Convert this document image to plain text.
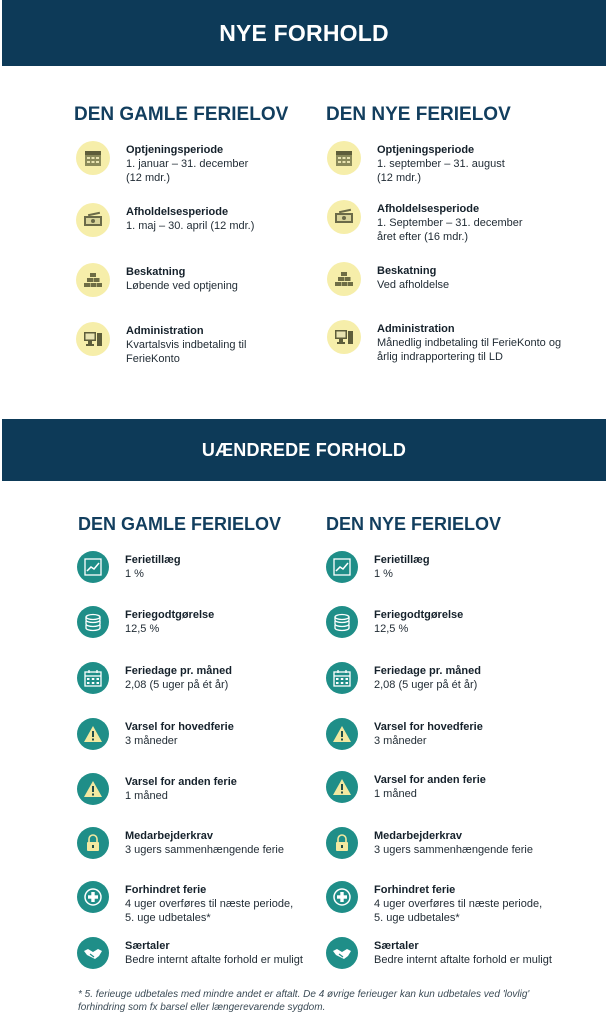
NYE FORHOLD
DEN GAMLE FERIELOV DEN NYE FERIELOV
Optjeningsperiode
1. januar – 31. december
(12 mdr.)
Afholdelsesperiode
1. maj – 30. april (12 mdr.)
Beskatning
Løbende ved optjening
Administration
Kvartalsvis indbetaling til
FerieKonto
Optjeningsperiode
1. september – 31. august
(12 mdr.)
Afholdelsesperiode
1. September – 31. december
året efter (16 mdr.)
Beskatning
Ved afholdelse
Administration
Månedlig indbetaling til FerieKonto og
årlig indrapportering til LD
UÆNDREDE FORHOLD
DEN GAMLE FERIELOV DEN NYE FERIELOV
Ferietillæg
1 %
Feriegodtgørelse
12,5 %
Feriedage pr. måned
2,08 (5 uger på ét år)
Varsel for hovedferie
3 måneder
Varsel for anden ferie
1 måned
Medarbejderkrav
3 ugers sammenhængende ferie
Forhindret ferie
4 uger overføres til næste periode,
5. uge udbetales*
Særtaler
Bedre internt aftalte forhold er muligt
Ferietillæg
1 %
Feriegodtgørelse
12,5 %
Feriedage pr. måned
2,08 (5 uger på ét år)
Varsel for hovedferie
3 måneder
Varsel for anden ferie
1 måned
Medarbejderkrav
3 ugers sammenhængende ferie
Forhindret ferie
4 uger overføres til næste periode,
5. uge udbetales*
Særtaler
Bedre internt aftalte forhold er muligt
* 5. ferieuge udbetales med mindre andet er aftalt. De 4 øvrige ferieuger kan kun udbetales ved 'lovlig' forhindring som fx barsel eller længerevarende sygdom.
